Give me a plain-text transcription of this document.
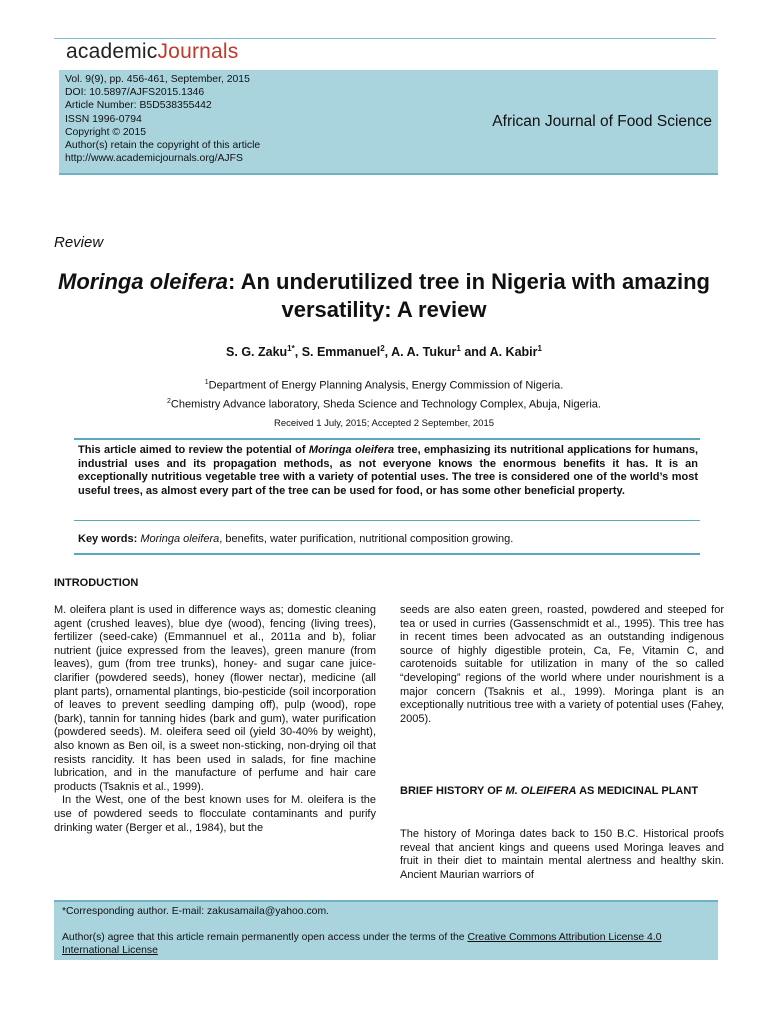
academicJournals
Vol. 9(9), pp. 456-461, September, 2015
DOI: 10.5897/AJFS2015.1346
Article Number: B5D538355442
ISSN 1996-0794
Copyright © 2015
Author(s) retain the copyright of this article
http://www.academicjournals.org/AJFS
African Journal of Food Science
Review
Moringa oleifera: An underutilized tree in Nigeria with amazing versatility: A review
S. G. Zaku$^{1*}$, S. Emmanuel$^2$, A. A. Tukur$^1$ and A. Kabir$^1$
$^1$Department of Energy Planning Analysis, Energy Commission of Nigeria.
$^2$Chemistry Advance laboratory, Sheda Science and Technology Complex, Abuja, Nigeria.
Received 1 July, 2015; Accepted 2 September, 2015
This article aimed to review the potential of Moringa oleifera tree, emphasizing its nutritional applications for humans, industrial uses and its propagation methods, as not everyone knows the enormous benefits it has. It is an exceptionally nutritious vegetable tree with a variety of potential uses. The tree is considered one of the world’s most useful trees, as almost every part of the tree can be used for food, or has some other beneficial property.
Key words: Moringa oleifera, benefits, water purification, nutritional composition growing.
INTRODUCTION
M. oleifera plant is used in difference ways as; domestic cleaning agent (crushed leaves), blue dye (wood), fencing (living trees), fertilizer (seed-cake) (Emmannuel et al., 2011a and b), foliar nutrient (juice expressed from the leaves), green manure (from leaves), gum (from tree trunks), honey- and sugar cane juice-clarifier (powdered seeds), honey (flower nectar), medicine (all plant parts), ornamental plantings, bio-pesticide (soil incorporation of leaves to prevent seedling damping off), pulp (wood), rope (bark), tannin for tanning hides (bark and gum), water purification (powdered seeds). M. oleifera seed oil (yield 30-40% by weight), also known as Ben oil, is a sweet non-sticking, non-drying oil that resists rancidity. It has been used in salads, for fine machine lubrication, and in the manufacture of perfume and hair care products (Tsaknis et al., 1999).
In the West, one of the best known uses for M. oleifera is the use of powdered seeds to flocculate contaminants and purify drinking water (Berger et al., 1984), but the
seeds are also eaten green, roasted, powdered and steeped for tea or used in curries (Gassenschmidt et al., 1995). This tree has in recent times been advocated as an outstanding indigenous source of highly digestible protein, Ca, Fe, Vitamin C, and carotenoids suitable for utilization in many of the so called “developing” regions of the world where under nourishment is a major concern (Tsaknis et al., 1999). Moringa plant is an exceptionally nutritious tree with a variety of potential uses (Fahey, 2005).
BRIEF HISTORY OF M. OLEIFERA AS MEDICINAL PLANT
The history of Moringa dates back to 150 B.C. Historical proofs reveal that ancient kings and queens used Moringa leaves and fruit in their diet to maintain mental alertness and healthy skin. Ancient Maurian warriors of
*Corresponding author. E-mail: zakusamaila@yahoo.com.
Author(s) agree that this article remain permanently open access under the terms of the Creative Commons Attribution License 4.0 International License
